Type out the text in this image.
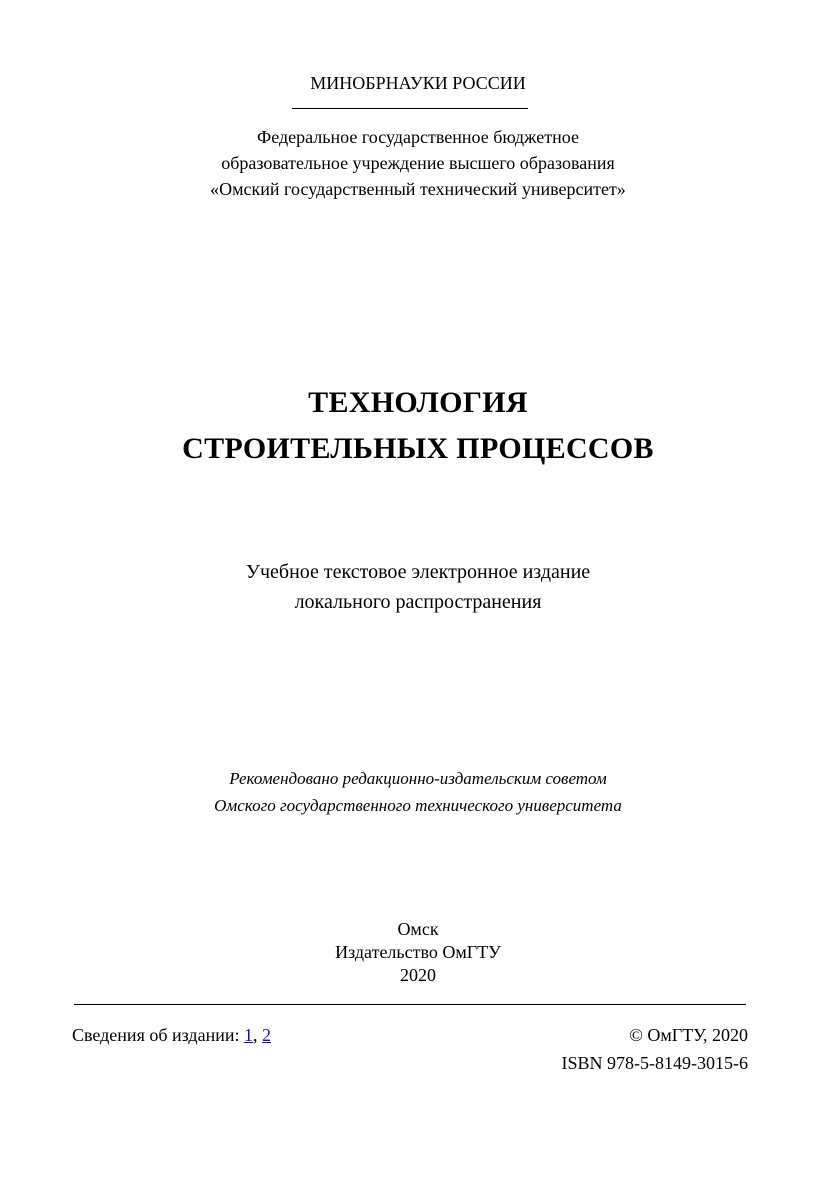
МИНОБРНАУКИ РОССИИ
Федеральное государственное бюджетное
образовательное учреждение высшего образования
«Омский государственный технический университет»
ТЕХНОЛОГИЯ
СТРОИТЕЛЬНЫХ ПРОЦЕССОВ
Учебное текстовое электронное издание
локального распространения
Рекомендовано редакционно-издательским советом
Омского государственного технического университета
Омск
Издательство ОмГТУ
2020
Сведения об издании: 1, 2	© ОмГТУ, 2020
ISBN 978-5-8149-3015-6
